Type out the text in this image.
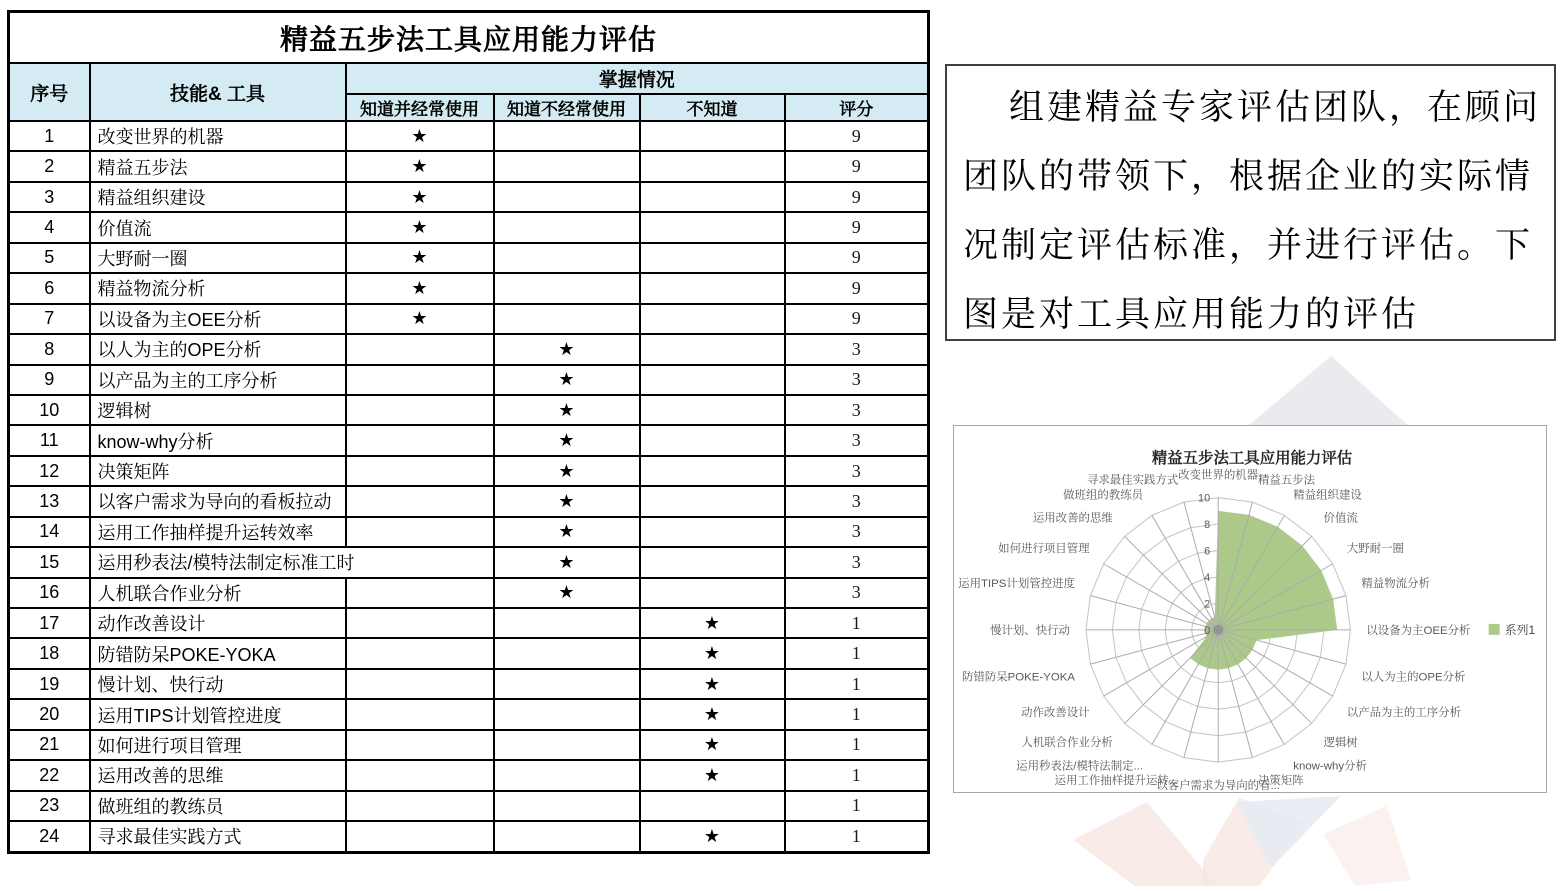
精益五步法工具应用能力评估					
序号	技能& 工具	掌握情况			
		知道并经常使用	知道不经常使用	不知道	评分
1	改变世界的机器	★			9
2	精益五步法	★			9
3	精益组织建设	★			9
4	价值流	★			9
5	大野耐一圈	★			9
6	精益物流分析	★			9
7	以设备为主OEE分析	★			9
8	以人为主的OPE分析		★		3
9	以产品为主的工序分析		★		3
10	逻辑树		★		3
11	know-why分析		★		3
12	决策矩阵		★		3
13	以客户需求为导向的看板拉动		★		3
14	运用工作抽样提升运转效率		★		3
15	运用秒表法/模特法制定标准工时		★		3
16	人机联合作业分析		★		3
17	动作改善设计			★	1
18	防错防呆POKE-YOKA			★	1
19	慢计划、快行动			★	1
20	运用TIPS计划管控进度			★	1
21	如何进行项目管理			★	1
22	运用改善的思维			★	1
23	做班组的教练员				1
24	寻求最佳实践方式			★	1
组建精益专家评估团队，在顾问
团队的带领下，根据企业的实际情
况制定评估标准，并进行评估。下
图是对工具应用能力的评估
10
8
6
4
2
0
改变世界的机器 精益五步法
精益组织建设
价值流
大野耐一圈
精益物流分析
以设备为主OEE分析
以人为主的OPE分析
以产品为主的工序分析
逻辑树
know-why分析
决策矩阵
以客户需求为导向的看...
运用工作抽样提升运转...
运用秒表法/模特法制定...
人机联合作业分析
动作改善设计
防错防呆POKE-YOKA
慢计划、快行动
运用TIPS计划管控进度
如何进行项目管理
运用改善的思维
做班组的教练员
寻求最佳实践方式
精益五步法工具应用能力评估
系列1
